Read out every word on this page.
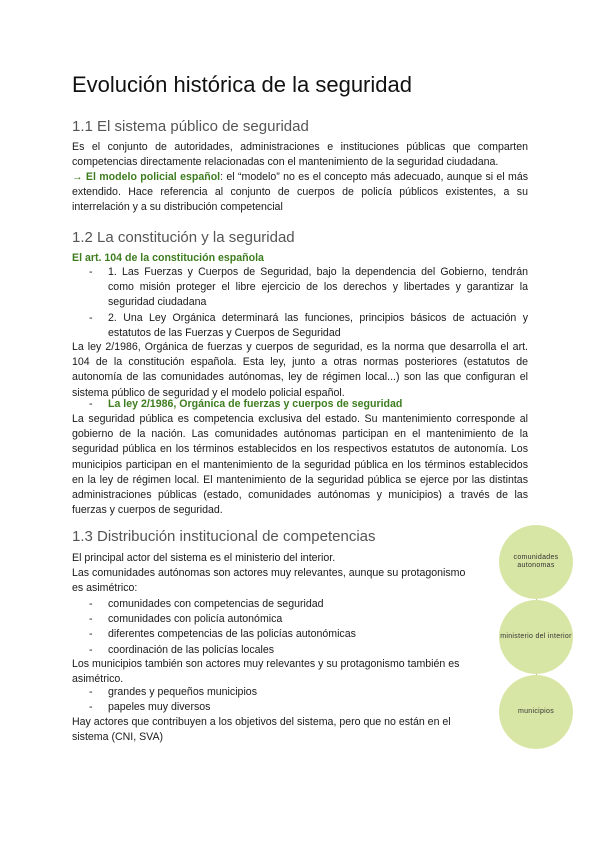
Evolución histórica de la seguridad
1.1 El sistema público de seguridad

Es el conjunto de autoridades, administraciones e instituciones públicas que comparten competencias directamente relacionadas con el mantenimiento de la seguridad ciudadana.

→ El modelo policial español: el “modelo” no es el concepto más adecuado, aunque si el más extendido. Hace referencia al conjunto de cuerpos de policía públicos existentes, a su interrelación y a su distribución competencial

1.2 La constitución y la seguridad

El art. 104 de la constitución española

- 1. Las Fuerzas y Cuerpos de Seguridad, bajo la dependencia del Gobierno, tendrán como misión proteger el libre ejercicio de los derechos y libertades y garantizar la seguridad ciudadana
- 2. Una Ley Orgánica determinará las funciones, principios básicos de actuación y estatutos de las Fuerzas y Cuerpos de Seguridad

La ley 2/1986, Orgánica de fuerzas y cuerpos de seguridad, es la norma que desarrolla el art. 104 de la constitución española. Esta ley, junto a otras normas posteriores (estatutos de autonomía de las comunidades autónomas, ley de régimen local...) son las que configuran el sistema público de seguridad y el modelo policial español.

- La ley 2/1986, Orgánica de fuerzas y cuerpos de seguridad

La seguridad pública es competencia exclusiva del estado. Su mantenimiento corresponde al gobierno de la nación. Las comunidades autónomas participan en el mantenimiento de la seguridad pública en los términos establecidos en los respectivos estatutos de autonomía. Los municipios participan en el mantenimiento de la seguridad pública en los términos establecidos en la ley de régimen local. El mantenimiento de la seguridad pública se ejerce por las distintas administraciones públicas (estado, comunidades autónomas y municipios) a través de las fuerzas y cuerpos de seguridad.

1.3 Distribución institucional de competencias
El principal actor del sistema es el ministerio del interior.
Las comunidades autónomas son actores muy relevantes, aunque su protagonismo es asimétrico:
- comunidades con competencias de seguridad
- comunidades con policía autonómica
- diferentes competencias de las policías autonómicas
- coordinación de las policías locales
Los municipios también son actores muy relevantes y su protagonismo también es asimétrico.
- grandes y pequeños municipios
- papeles muy diversos
Hay actores que contribuyen a los objetivos del sistema, pero que no están en el sistema (CNI, SVA)
comunidades autonomas
ministerio del interior
municipios
